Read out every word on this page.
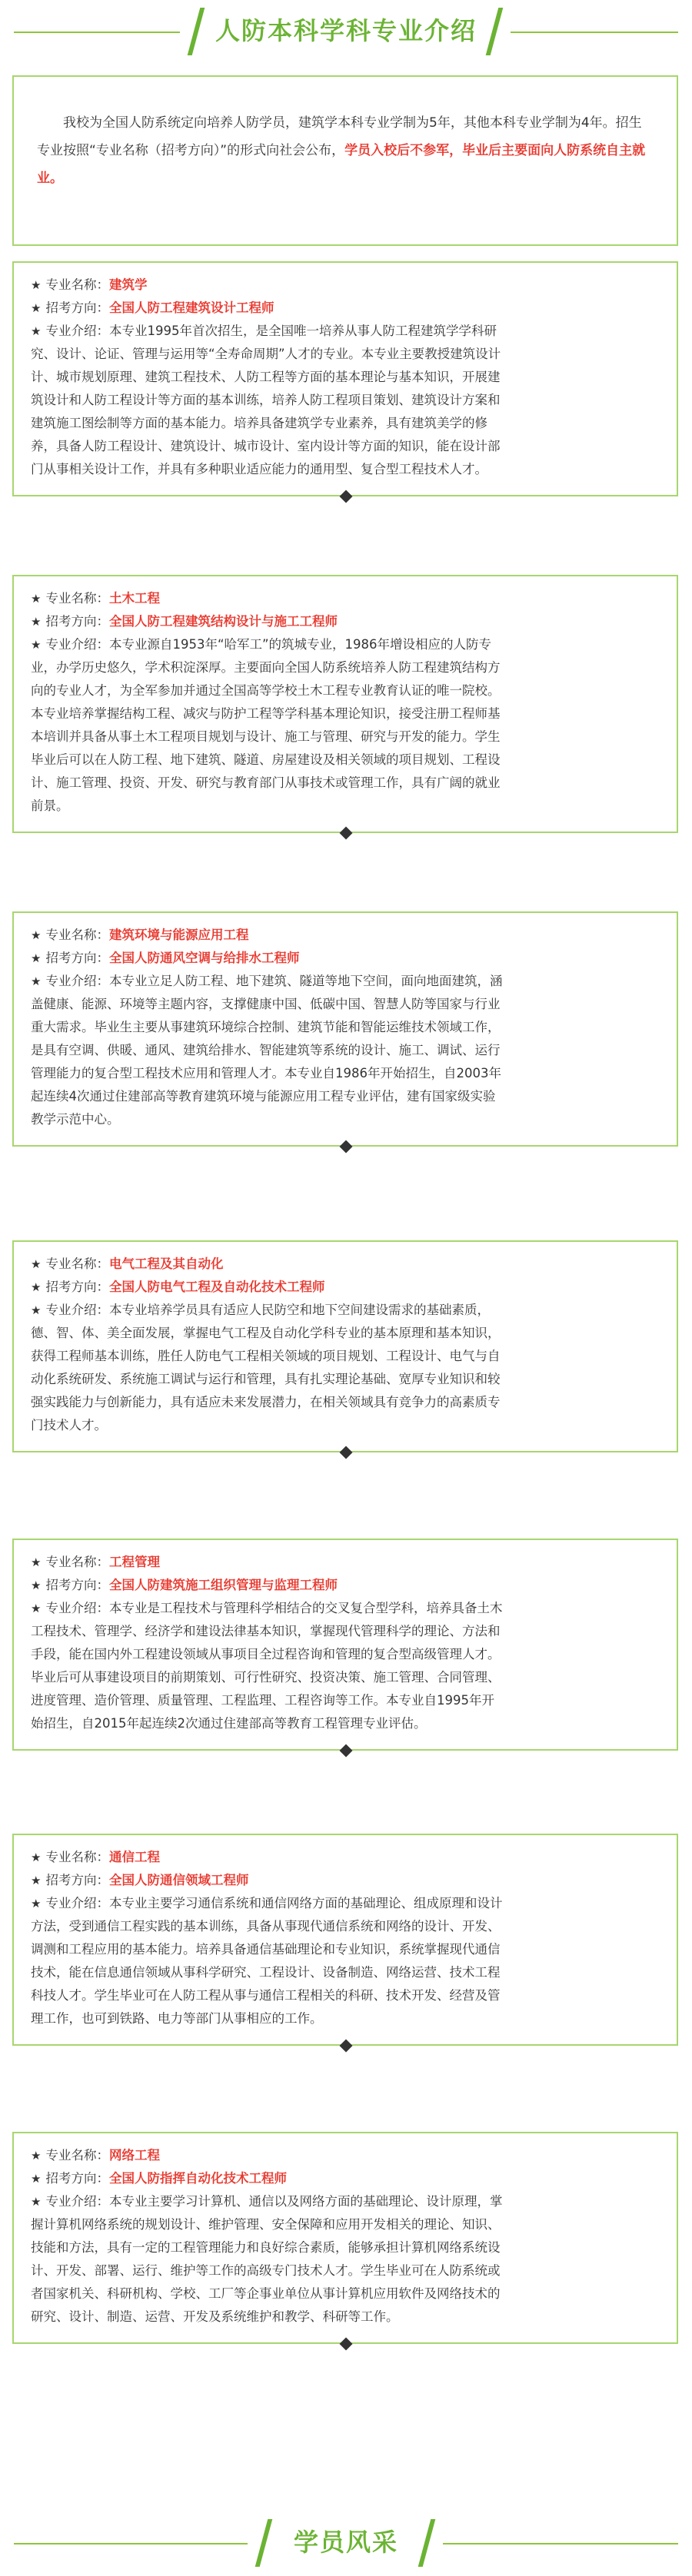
人防本科学科专业介绍
我校为全国人防系统定向培养人防学员，建筑学本科专业学制为5年，其他本科专业学制为4年。招生专业按照“专业名称（招考方向）”的形式向社会公布，学员入校后不参军，毕业后主要面向人防系统自主就业。
★ 专业名称：建筑学
★ 招考方向：全国人防工程建筑设计工程师
★ 专业介绍：本专业1995年首次招生，是全国唯一培养从事人防工程建筑学学科研
究、设计、论证、管理与运用等“全寿命周期”人才的专业。本专业主要教授建筑设计
计、城市规划原理、建筑工程技术、人防工程等方面的基本理论与基本知识，开展建
筑设计和人防工程设计等方面的基本训练，培养人防工程项目策划、建筑设计方案和
建筑施工图绘制等方面的基本能力。培养具备建筑学专业素养，具有建筑美学的修
养，具备人防工程设计、建筑设计、城市设计、室内设计等方面的知识，能在设计部
门从事相关设计工作，并具有多种职业适应能力的通用型、复合型工程技术人才。
★ 专业名称：土木工程
★ 招考方向：全国人防工程建筑结构设计与施工工程师
★ 专业介绍：本专业源自1953年“哈军工”的筑城专业，1986年增设相应的人防专
业，办学历史悠久，学术积淀深厚。主要面向全国人防系统培养人防工程建筑结构方
向的专业人才，为全军参加并通过全国高等学校土木工程专业教育认证的唯一院校。
本专业培养掌握结构工程、减灾与防护工程等学科基本理论知识，接受注册工程师基
本培训并具备从事土木工程项目规划与设计、施工与管理、研究与开发的能力。学生
毕业后可以在人防工程、地下建筑、隧道、房屋建设及相关领域的项目规划、工程设
计、施工管理、投资、开发、研究与教育部门从事技术或管理工作，具有广阔的就业
前景。
★ 专业名称：建筑环境与能源应用工程
★ 招考方向：全国人防通风空调与给排水工程师
★ 专业介绍：本专业立足人防工程、地下建筑、隧道等地下空间，面向地面建筑，涵
盖健康、能源、环境等主题内容，支撑健康中国、低碳中国、智慧人防等国家与行业
重大需求。毕业生主要从事建筑环境综合控制、建筑节能和智能运维技术领域工作，
是具有空调、供暖、通风、建筑给排水、智能建筑等系统的设计、施工、调试、运行
管理能力的复合型工程技术应用和管理人才。本专业自1986年开始招生，自2003年
起连续4次通过住建部高等教育建筑环境与能源应用工程专业评估，建有国家级实验
教学示范中心。
★ 专业名称：电气工程及其自动化
★ 招考方向：全国人防电气工程及自动化技术工程师
★ 专业介绍：本专业培养学员具有适应人民防空和地下空间建设需求的基础素质，
德、智、体、美全面发展，掌握电气工程及自动化学科专业的基本原理和基本知识，
获得工程师基本训练，胜任人防电气工程相关领域的项目规划、工程设计、电气与自
动化系统研发、系统施工调试与运行和管理，具有扎实理论基础、宽厚专业知识和较
强实践能力与创新能力，具有适应未来发展潜力，在相关领域具有竞争力的高素质专
门技术人才。
★ 专业名称：工程管理
★ 招考方向：全国人防建筑施工组织管理与监理工程师
★ 专业介绍：本专业是工程技术与管理科学相结合的交叉复合型学科，培养具备土木
工程技术、管理学、经济学和建设法律基本知识，掌握现代管理科学的理论、方法和
手段，能在国内外工程建设领域从事项目全过程咨询和管理的复合型高级管理人才。
毕业后可从事建设项目的前期策划、可行性研究、投资决策、施工管理、合同管理、
进度管理、造价管理、质量管理、工程监理、工程咨询等工作。本专业自1995年开
始招生，自2015年起连续2次通过住建部高等教育工程管理专业评估。
★ 专业名称：通信工程
★ 招考方向：全国人防通信领域工程师
★ 专业介绍：本专业主要学习通信系统和通信网络方面的基础理论、组成原理和设计
方法，受到通信工程实践的基本训练，具备从事现代通信系统和网络的设计、开发、
调测和工程应用的基本能力。培养具备通信基础理论和专业知识，系统掌握现代通信
技术，能在信息通信领域从事科学研究、工程设计、设备制造、网络运营、技术工程
科技人才。学生毕业可在人防工程从事与通信工程相关的科研、技术开发、经营及管
理工作，也可到铁路、电力等部门从事相应的工作。
★ 专业名称：网络工程
★ 招考方向：全国人防指挥自动化技术工程师
★ 专业介绍：本专业主要学习计算机、通信以及网络方面的基础理论、设计原理，掌
握计算机网络系统的规划设计、维护管理、安全保障和应用开发相关的理论、知识、
技能和方法，具有一定的工程管理能力和良好综合素质，能够承担计算机网络系统设
计、开发、部署、运行、维护等工作的高级专门技术人才。学生毕业可在人防系统或
者国家机关、科研机构、学校、工厂等企事业单位从事计算机应用软件及网络技术的
研究、设计、制造、运营、开发及系统维护和教学、科研等工作。
学员风采
